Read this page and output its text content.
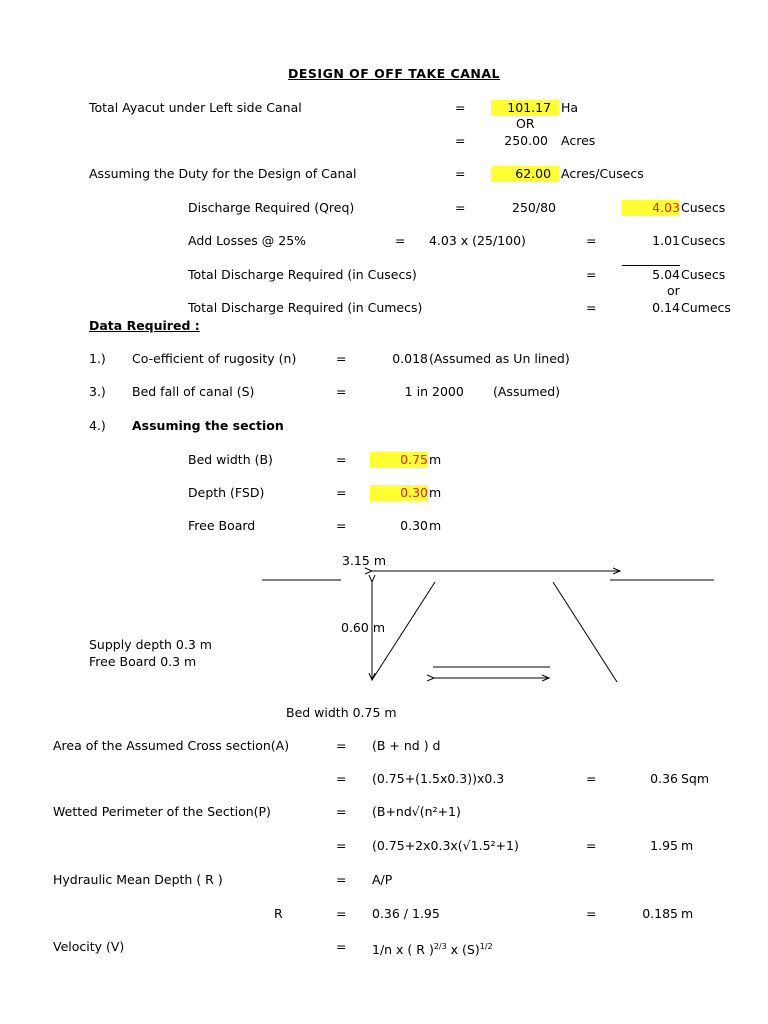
DESIGN OF OFF TAKE CANAL
Total Ayacut under Left side Canal	=	101.17 Ha
OR
=	250.00 Acres
Assuming the Duty for the Design of Canal	=	62.00 Acres/Cusecs
Discharge Required (Qreq)	=	250/80	4.03 Cusecs
Add Losses @ 25%	= 4.03 x (25/100)	=	1.01 Cusecs
Total Discharge Required (in Cusecs)	=	5.04 Cusecs
or
Total Discharge Required (in Cumecs)	=	0.14 Cumecs
Data Required :
1.) Co-efficient of rugosity (n)	=	0.018 (Assumed as Un lined)
3.) Bed fall of canal (S)	=	1 in 2000 (Assumed)
4.) Assuming the section
Bed width (B)	=	0.75 m
Depth (FSD)	=	0.30 m
Free Board	=	0.30 m
3.15 m
0.60 m
Supply depth 0.3 m
Free Board 0.3 m
Bed width 0.75 m
Area of the Assumed Cross section(A)	= (B + nd ) d
= (0.75+(1.5x0.3))x0.3	=	0.36 Sqm
Wetted Perimeter of the Section(P)	= (B+nd√(n²+1)
= (0.75+2x0.3x(√1.5²+1)	=	1.95 m
Hydraulic Mean Depth ( R )	= A/P
R	= 0.36 / 1.95	=	0.185 m
Velocity (V)	= 1/n x ( R )$^{2/3}$ x $(S)^{1/2}$
